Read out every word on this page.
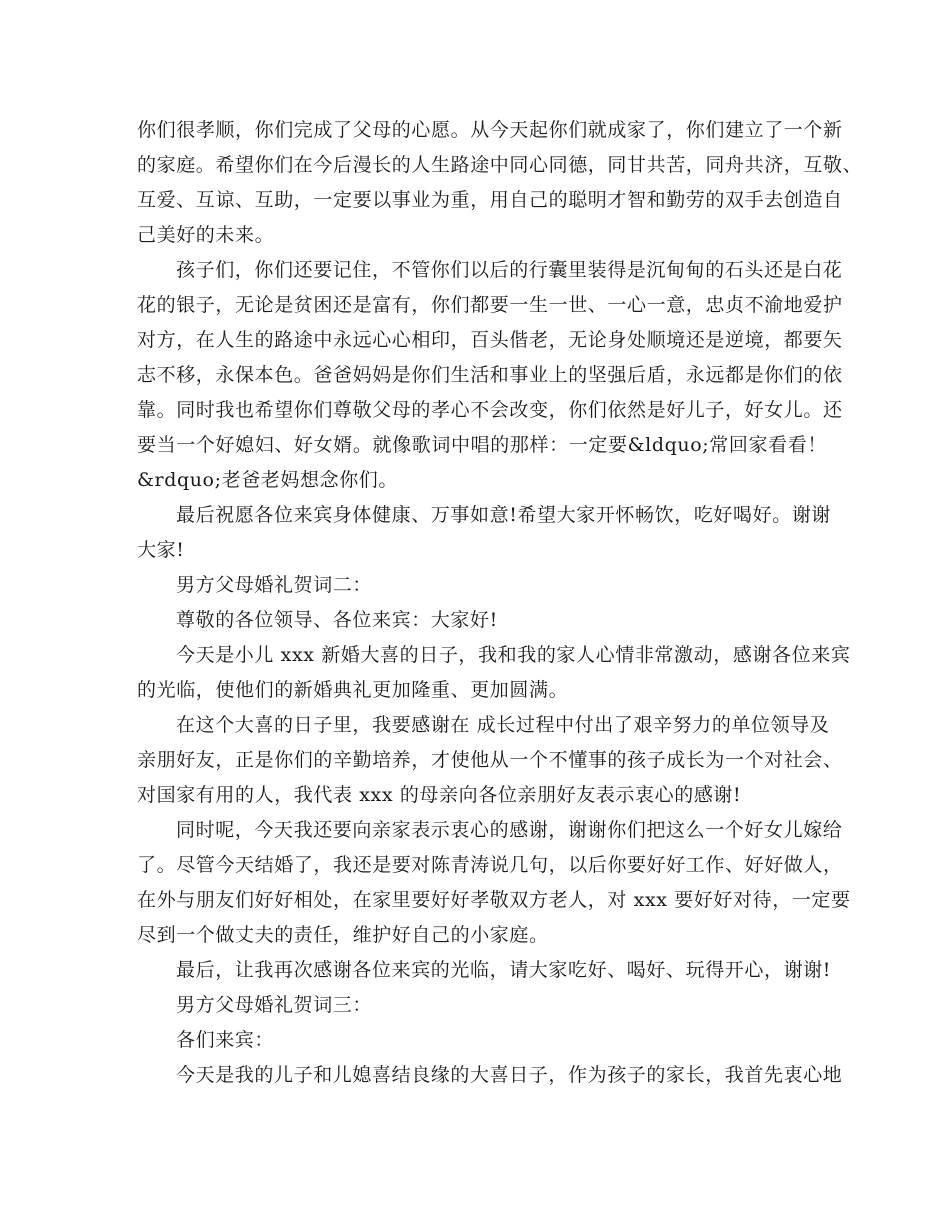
你们很孝顺，你们完成了父母的心愿。从今天起你们就成家了，你们建立了一个新
的家庭。希望你们在今后漫长的人生路途中同心同德，同甘共苦，同舟共济，互敬、
互爱、互谅、互助，一定要以事业为重，用自己的聪明才智和勤劳的双手去创造自
己美好的未来。
孩子们，你们还要记住，不管你们以后的行囊里装得是沉甸甸的石头还是白花
花的银子，无论是贫困还是富有，你们都要一生一世、一心一意，忠贞不渝地爱护
对方，在人生的路途中永远心心相印，百头偕老，无论身处顺境还是逆境，都要矢
志不移，永保本色。爸爸妈妈是你们生活和事业上的坚强后盾，永远都是你们的依
靠。同时我也希望你们尊敬父母的孝心不会改变，你们依然是好儿子，好女儿。还
要当一个好媳妇、好女婿。就像歌词中唱的那样：一定要&ldquo;常回家看看！
&rdquo;老爸老妈想念你们。
最后祝愿各位来宾身体健康、万事如意!希望大家开怀畅饮，吃好喝好。谢谢
大家!
男方父母婚礼贺词二：
尊敬的各位领导、各位来宾：大家好!
今天是小儿 xxx 新婚大喜的日子，我和我的家人心情非常激动，感谢各位来宾
的光临，使他们的新婚典礼更加隆重、更加圆满。
在这个大喜的日子里，我要感谢在 成长过程中付出了艰辛努力的单位领导及
亲朋好友，正是你们的辛勤培养，才使他从一个不懂事的孩子成长为一个对社会、
对国家有用的人，我代表 xxx 的母亲向各位亲朋好友表示衷心的感谢!
同时呢，今天我还要向亲家表示衷心的感谢，谢谢你们把这么一个好女儿嫁给
了。尽管今天结婚了，我还是要对陈青涛说几句，以后你要好好工作、好好做人，
在外与朋友们好好相处，在家里要好好孝敬双方老人，对 xxx 要好好对待，一定要
尽到一个做丈夫的责任，维护好自己的小家庭。
最后，让我再次感谢各位来宾的光临，请大家吃好、喝好、玩得开心，谢谢!
男方父母婚礼贺词三：
各们来宾：
今天是我的儿子和儿媳喜结良缘的大喜日子，作为孩子的家长，我首先衷心地
